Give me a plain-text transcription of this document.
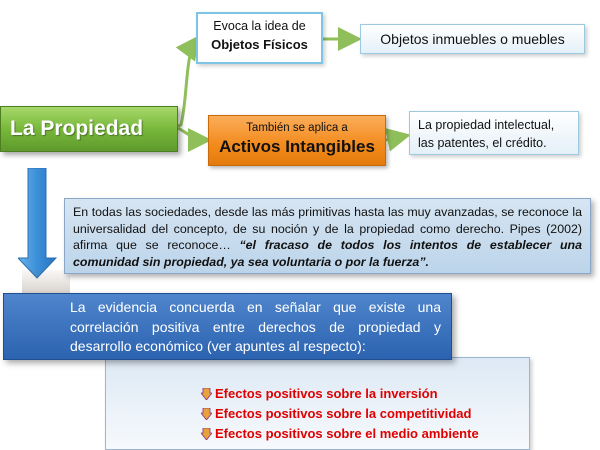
La Propiedad
Evoca la idea de
Objetos Físicos	Objetos inmuebles o muebles
También se aplica a
Activos Intangibles
La propiedad intelectual,
las patentes, el crédito.
En todas las sociedades, desde las más primitivas hasta las muy avanzadas, se reconoce la universalidad del concepto, de su noción y de la propiedad como derecho. Pipes (2002) afirma que se reconoce… “el fracaso de todos los intentos de establecer una comunidad sin propiedad, ya sea voluntaria o por la fuerza”.
Efectos positivos sobre la inversión
Efectos positivos sobre la competitividad
Efectos positivos sobre el medio ambiente
La evidencia concuerda en señalar que existe una correlación positiva entre derechos de propiedad y desarrollo económico (ver apuntes al respecto):
